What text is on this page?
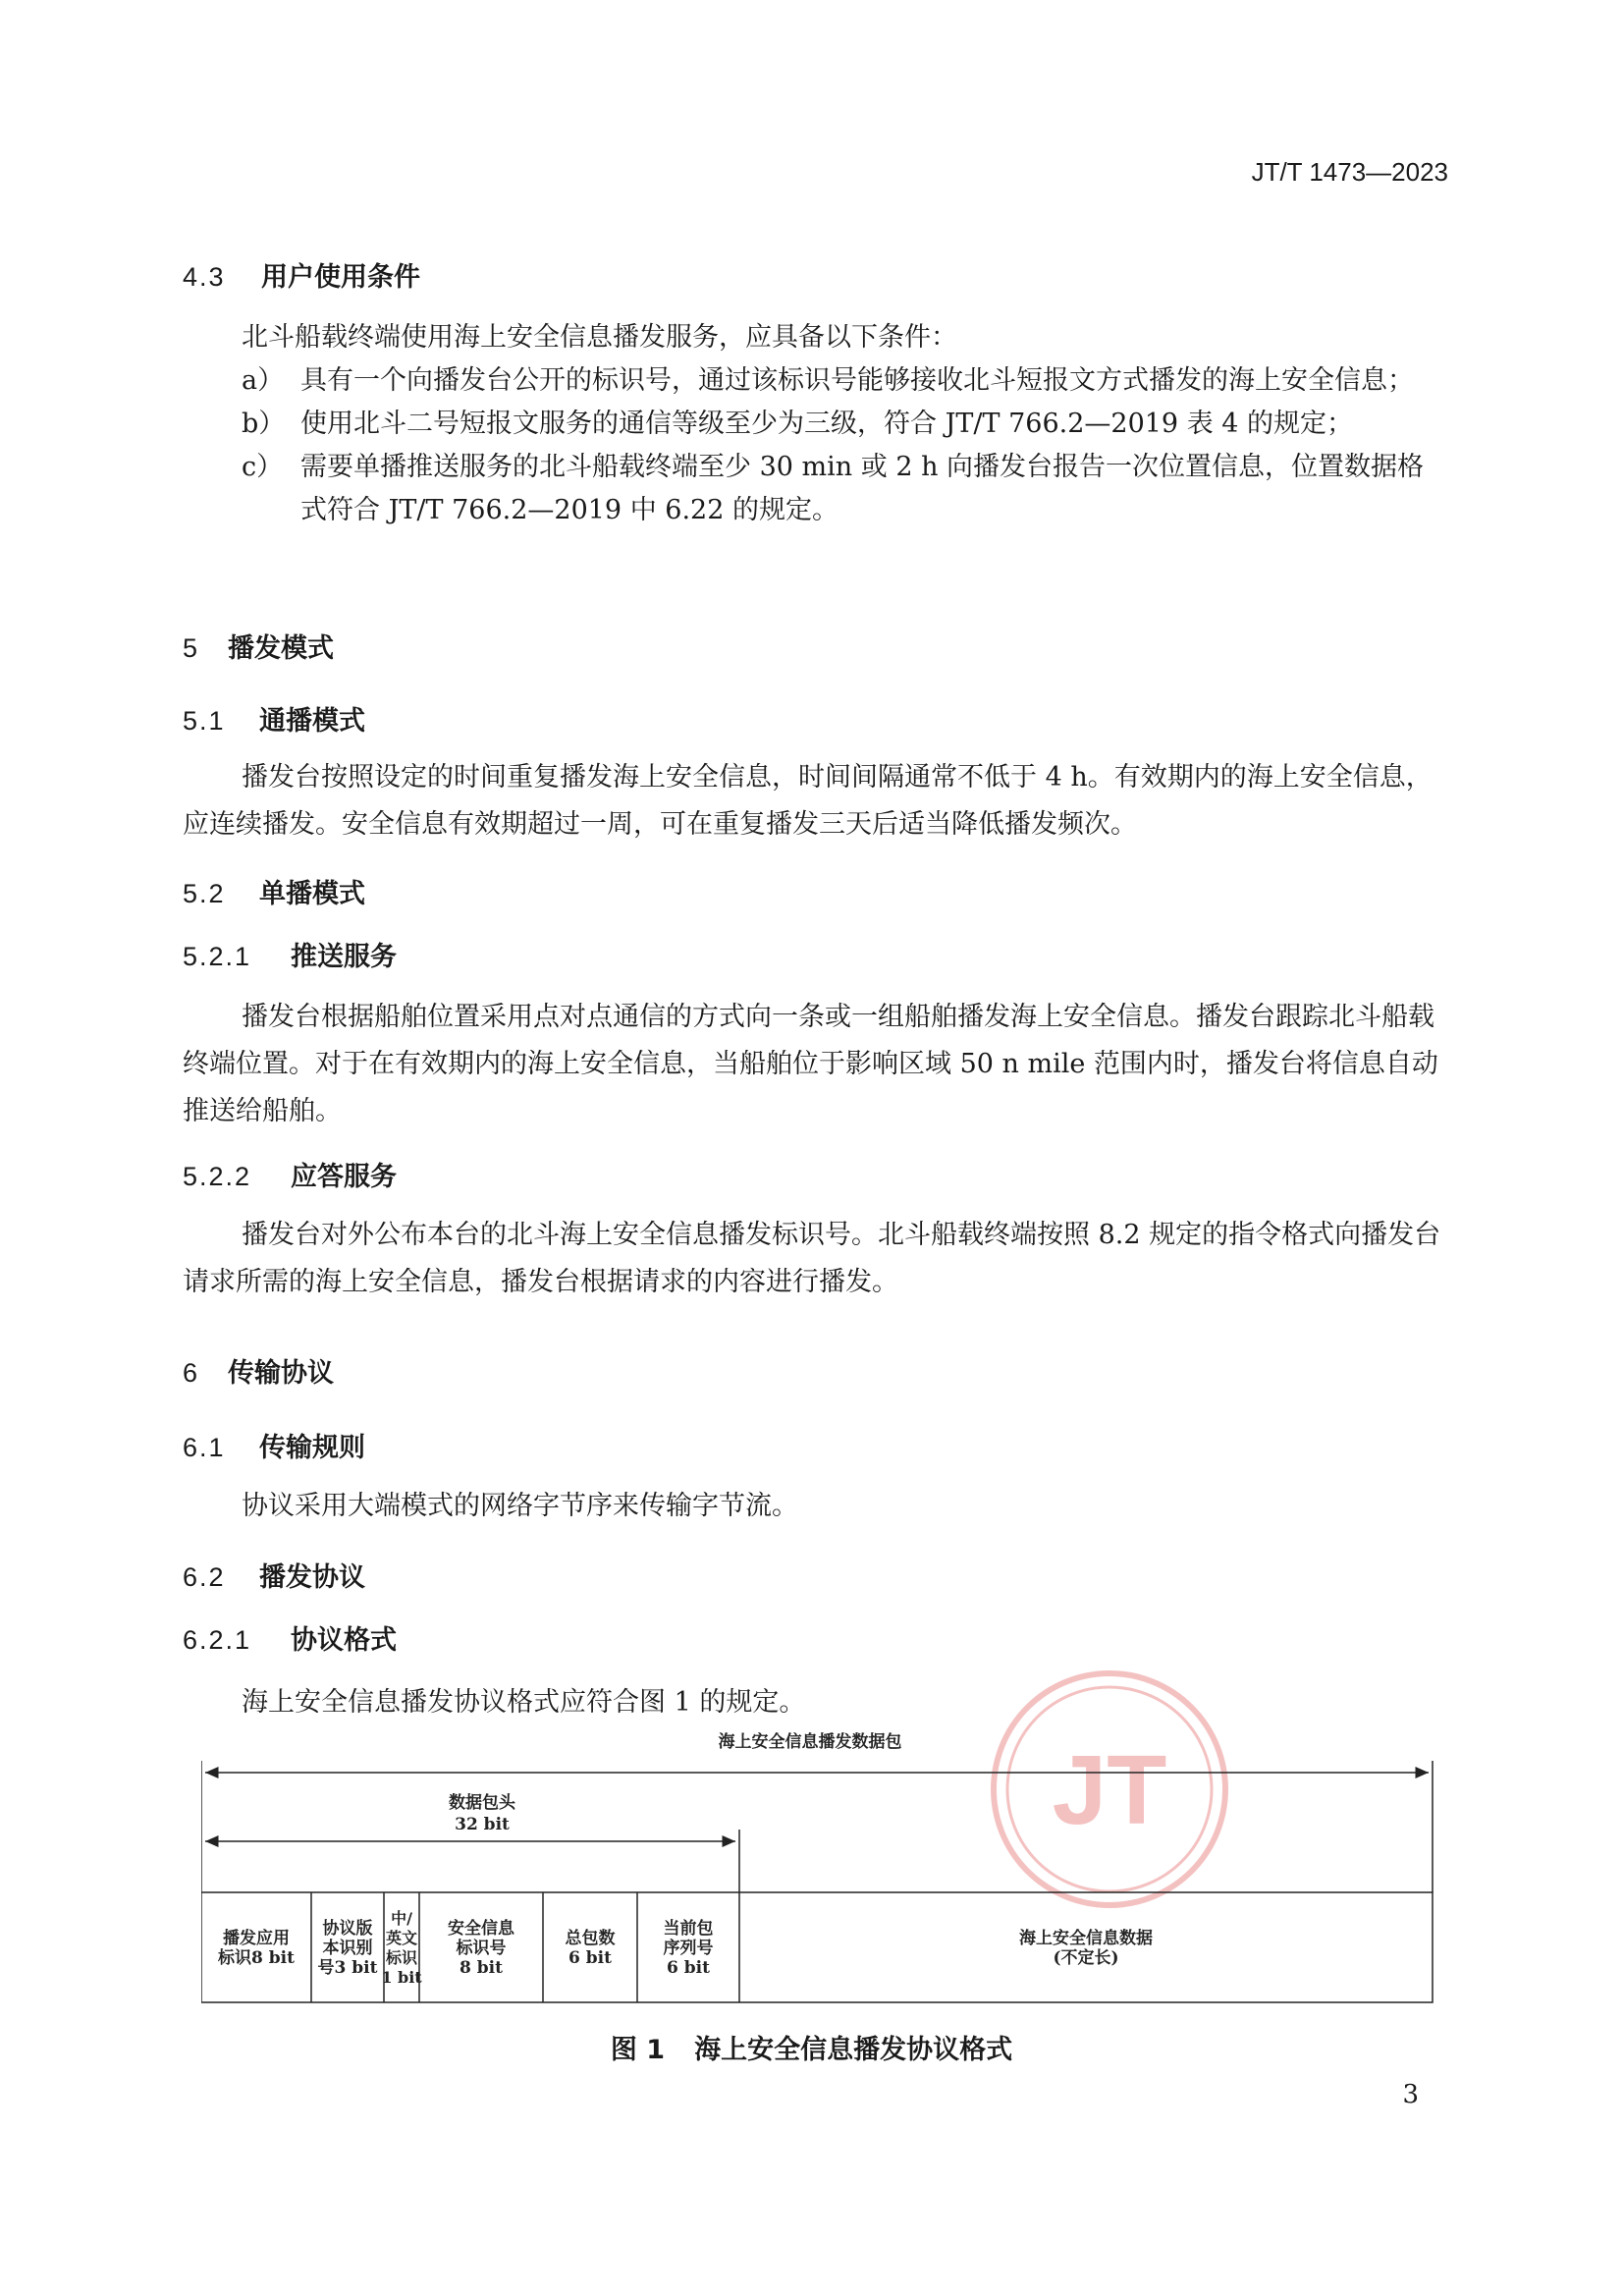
JT/T 1473—2023
4.3 用户使用条件
北斗船载终端使用海上安全信息播发服务，应具备以下条件：
a） 具有一个向播发台公开的标识号，通过该标识号能够接收北斗短报文方式播发的海上安全信息；
b） 使用北斗二号短报文服务的通信等级至少为三级，符合 JT/T 766.2—2019 表 4 的规定；
c） 需要单播推送服务的北斗船载终端至少 30 min 或 2 h 向播发台报告一次位置信息，位置数据格式符合 JT/T 766.2—2019 中 6.22 的规定。
5 播发模式
5.1 通播模式
播发台按照设定的时间重复播发海上安全信息，时间间隔通常不低于 4 h。有效期内的海上安全信息，应连续播发。安全信息有效期超过一周，可在重复播发三天后适当降低播发频次。
5.2 单播模式
5.2.1 推送服务
播发台根据船舶位置采用点对点通信的方式向一条或一组船舶播发海上安全信息。播发台跟踪北斗船载终端位置。对于在有效期内的海上安全信息，当船舶位于影响区域 50 n mile 范围内时，播发台将信息自动推送给船舶。
5.2.2 应答服务
播发台对外公布本台的北斗海上安全信息播发标识号。北斗船载终端按照 8.2 规定的指令格式向播发台请求所需的海上安全信息，播发台根据请求的内容进行播发。
6 传输协议
6.1 传输规则
协议采用大端模式的网络字节序来传输字节流。
6.2 播发协议
6.2.1 协议格式
海上安全信息播发协议格式应符合图 1 的规定。
JT
海上安全信息播发数据包
数据包头
32 bit
播发应用标识8 bit
协议版本识别号3 bit
中/英文标识 1 bit
安全信息标识号 8 bit
总包数 6 bit
当前包序列号 6 bit
海上安全信息数据(不定长)
图 1 海上安全信息播发协议格式
3
